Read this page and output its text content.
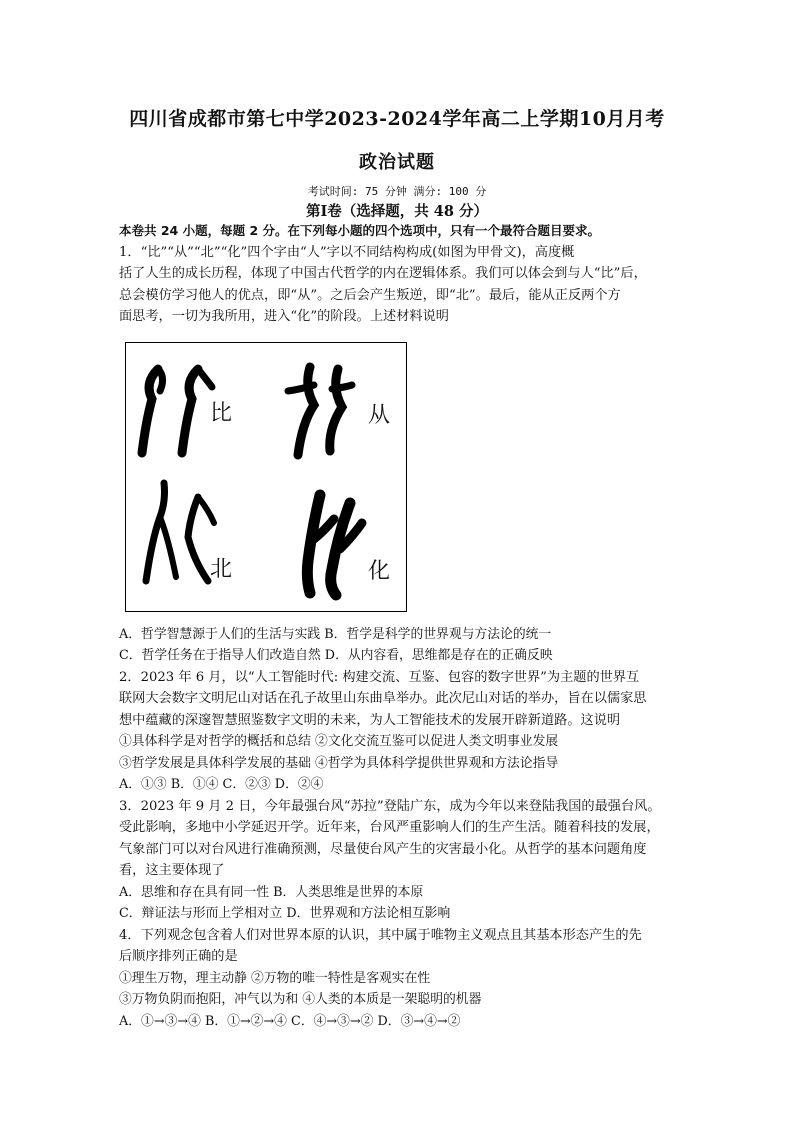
四川省成都市第七中学2023-2024学年高二上学期10月月考
政治试题
考试时间: 75 分钟 满分: 100 分
第Ⅰ卷（选择题，共 48 分）

本卷共 24 小题，每题 2 分。在下列每小题的四个选项中，只有一个最符合题目要求。

1．“比”“从”“北”“化”四个字由“人”字以不同结构构成(如图为甲骨文)，高度概

括了人生的成长历程，体现了中国古代哲学的内在逻辑体系。我们可以体会到与人“比”后，

总会模仿学习他人的优点，即“从”。之后会产生叛逆，即“北”。最后，能从正反两个方

面思考，一切为我所用，进入“化”的阶段。上述材料说明

比	从
北	化

A．哲学智慧源于人们的生活与实践 B．哲学是科学的世界观与方法论的统一

C．哲学任务在于指导人们改造自然 D．从内容看，思维都是存在的正确反映

2．2023 年 6 月，以“人工智能时代: 构建交流、互鉴、包容的数字世界”为主题的世界互

联网大会数字文明尼山对话在孔子故里山东曲阜举办。此次尼山对话的举办，旨在以儒家思

想中蕴藏的深邃智慧照鉴数字文明的未来，为人工智能技术的发展开辟新道路。这说明

①具体科学是对哲学的概括和总结 ②文化交流互鉴可以促进人类文明事业发展

③哲学发展是具体科学发展的基础 ④哲学为具体科学提供世界观和方法论指导

A．①③ B．①④ C．②③ D．②④

3．2023 年 9 月 2 日，今年最强台风“苏拉”登陆广东，成为今年以来登陆我国的最强台风。

受此影响，多地中小学延迟开学。近年来，台风严重影响人们的生产生活。随着科技的发展，

气象部门可以对台风进行准确预测，尽量使台风产生的灾害最小化。从哲学的基本问题角度

看，这主要体现了

A．思维和存在具有同一性 B．人类思维是世界的本原

C．辩证法与形而上学相对立 D．世界观和方法论相互影响

4．下列观念包含着人们对世界本原的认识，其中属于唯物主义观点且其基本形态产生的先

后顺序排列正确的是

①理生万物，理主动静 ②万物的唯一特性是客观实在性

③万物负阴而抱阳，冲气以为和 ④人类的本质是一架聪明的机器

A．①→③→④ B．①→②→④ C．④→③→② D．③→④→②
